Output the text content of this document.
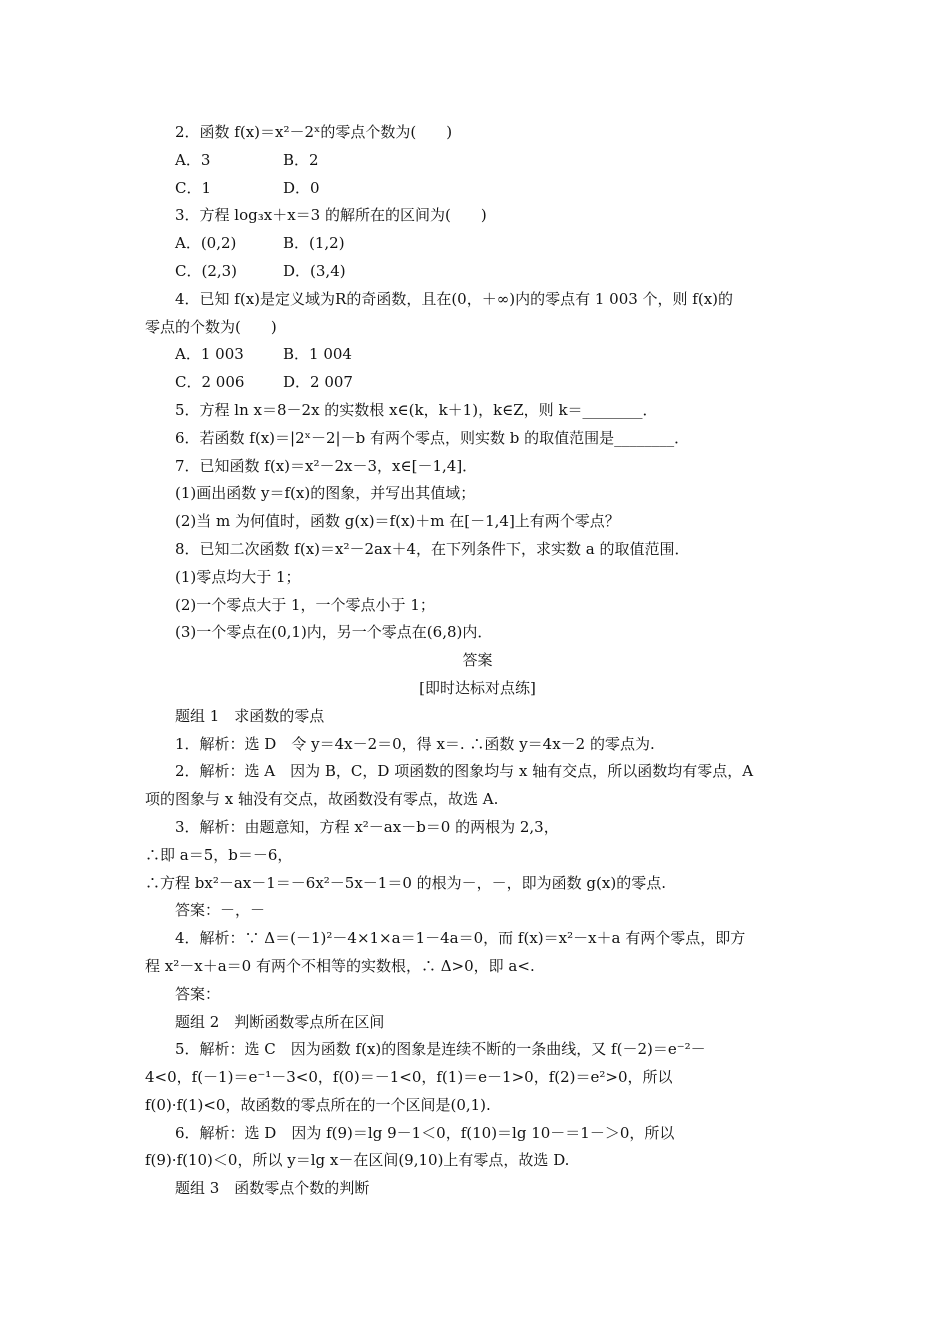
2．函数 f(x)＝x²－2ˣ的零点个数为(　　)
A．3	B．2
C．1	D．0
3．方程 log₃x＋x＝3 的解所在的区间为(　　)
A．(0,2)	B．(1,2)
C．(2,3)	D．(3,4)
4．已知 f(x)是定义域为R的奇函数，且在(0，＋∞)内的零点有 1 003 个，则 f(x)的
零点的个数为(　　)
A．1 003	B．1 004
C．2 006	D．2 007
5．方程 ln x＝8－2x 的实数根 x∈(k，k＋1)，k∈Z，则 k＝________．
6．若函数 f(x)＝|2ˣ－2|－b 有两个零点，则实数 b 的取值范围是________．
7．已知函数 f(x)＝x²－2x－3，x∈[－1,4]．
(1)画出函数 y＝f(x)的图象，并写出其值域；
(2)当 m 为何值时，函数 g(x)＝f(x)＋m 在[－1,4]上有两个零点？
8．已知二次函数 f(x)＝x²－2ax＋4，在下列条件下，求实数 a 的取值范围．
(1)零点均大于 1；
(2)一个零点大于 1，一个零点小于 1；
(3)一个零点在(0,1)内，另一个零点在(6,8)内．
答案
[即时达标对点练]
题组 1　求函数的零点
1．解析：选 D　令 y＝4x－2＝0，得 x＝. ∴函数 y＝4x－2 的零点为.
2．解析：选 A　因为 B，C，D 项函数的图象均与 x 轴有交点，所以函数均有零点，A
项的图象与 x 轴没有交点，故函数没有零点，故选 A.
3．解析：由题意知，方程 x²－ax－b＝0 的两根为 2,3，
∴即 a＝5，b＝－6，
∴方程 bx²－ax－1＝－6x²－5x－1＝0 的根为－，－，即为函数 g(x)的零点.
答案：－，－
4．解析：∵ Δ＝(－1)²－4×1×a＝1－4a＝0，而 f(x)＝x²－x＋a 有两个零点，即方
程 x²－x＋a＝0 有两个不相等的实数根，∴ Δ>0，即 a<.
答案：
题组 2　判断函数零点所在区间
5．解析：选 C　因为函数 f(x)的图象是连续不断的一条曲线，又 f(－2)＝e⁻²－
4<0，f(－1)＝e⁻¹－3<0，f(0)＝－1<0，f(1)＝e－1>0，f(2)＝e²>0，所以
f(0)·f(1)<0，故函数的零点所在的一个区间是(0,1).
6．解析：选 D　因为 f(9)＝lg 9－1＜0，f(10)＝lg 10－＝1－＞0，所以
f(9)·f(10)＜0，所以 y＝lg x－在区间(9,10)上有零点，故选 D.
题组 3　函数零点个数的判断
